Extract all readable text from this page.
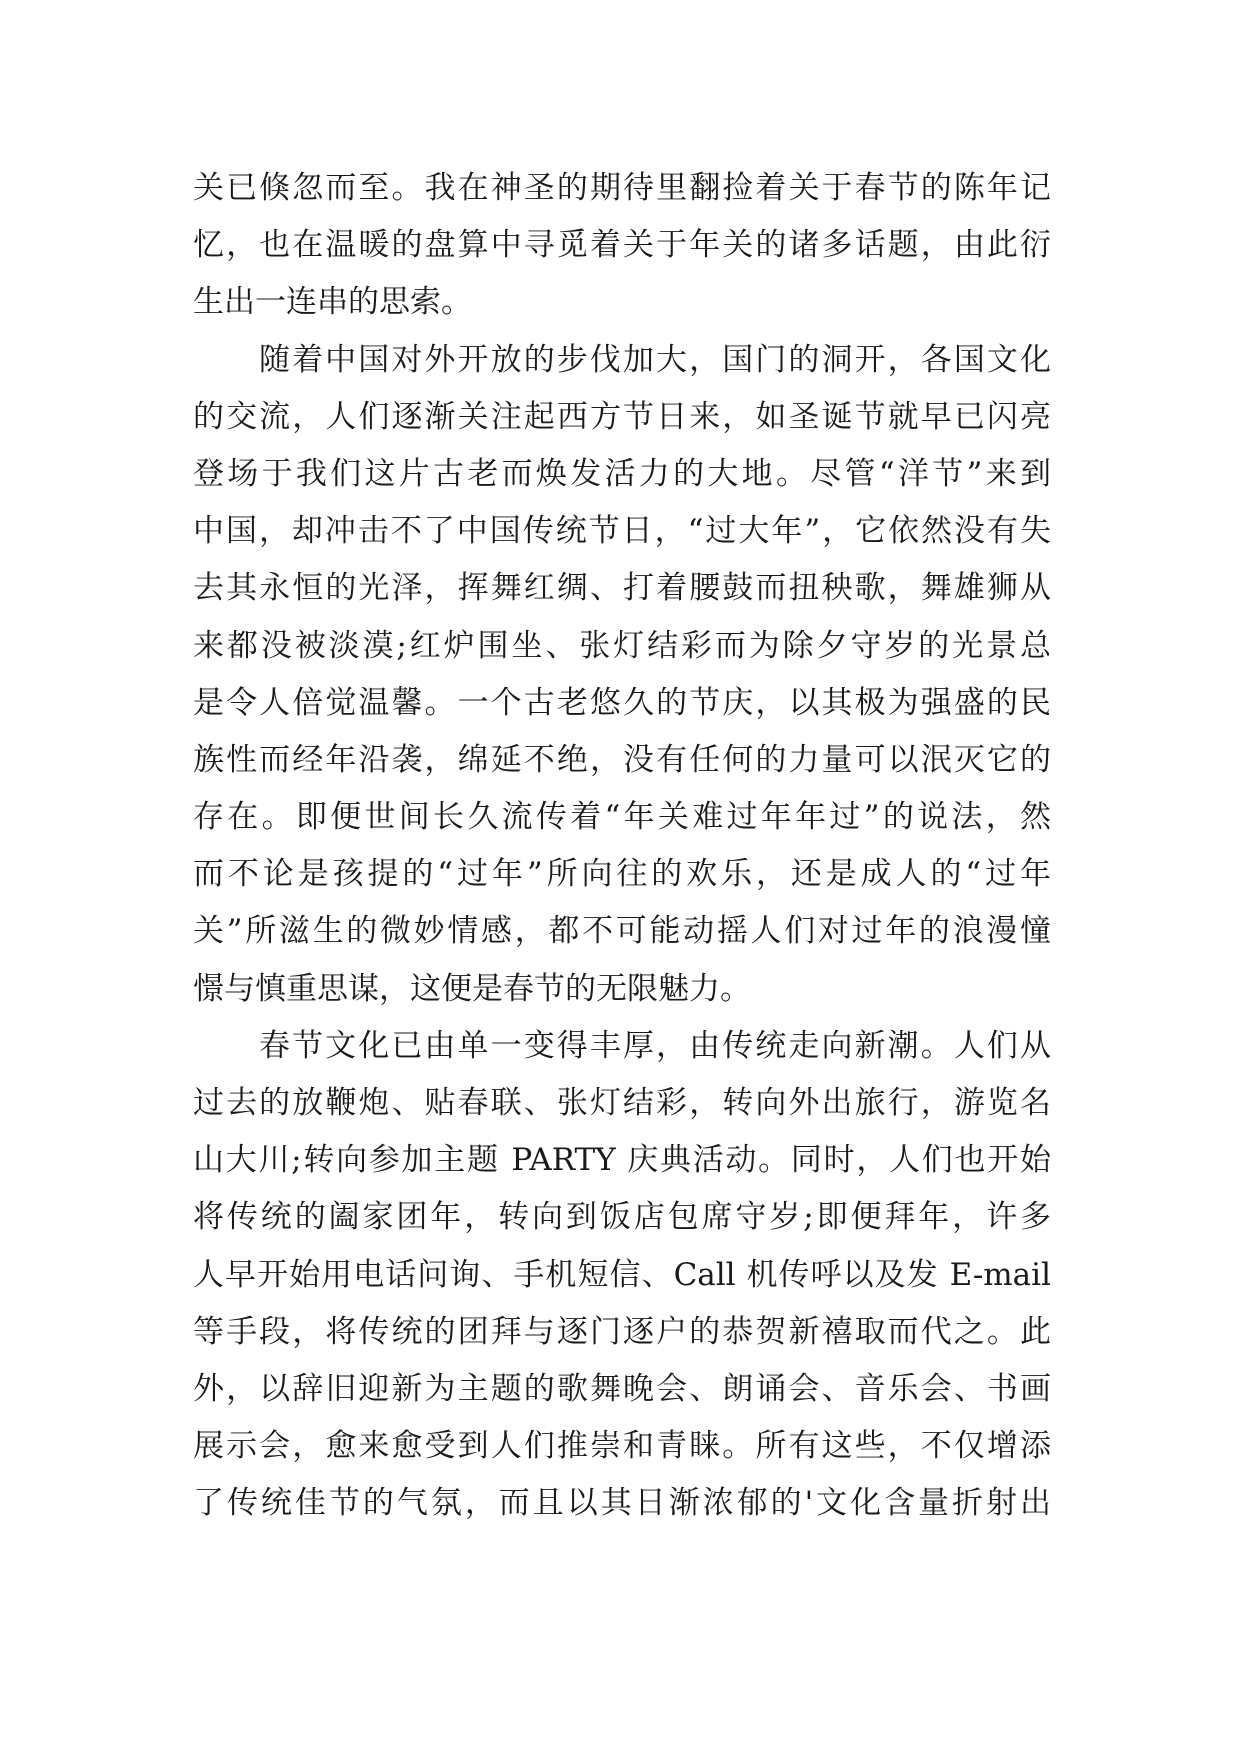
关已倏忽而至。我在神圣的期待里翻捡着关于春节的陈年记
忆，也在温暖的盘算中寻觅着关于年关的诸多话题，由此衍
生出一连串的思索。
随着中国对外开放的步伐加大，国门的洞开，各国文化
的交流，人们逐渐关注起西方节日来，如圣诞节就早已闪亮
登场于我们这片古老而焕发活力的大地。尽管“洋节”来到
中国，却冲击不了中国传统节日，“过大年”，它依然没有失
去其永恒的光泽，挥舞红绸、打着腰鼓而扭秧歌，舞雄狮从
来都没被淡漠;红炉围坐、张灯结彩而为除夕守岁的光景总
是令人倍觉温馨。一个古老悠久的节庆，以其极为强盛的民
族性而经年沿袭，绵延不绝，没有任何的力量可以泯灭它的
存在。即便世间长久流传着“年关难过年年过”的说法，然
而不论是孩提的“过年”所向往的欢乐，还是成人的“过年
关”所滋生的微妙情感，都不可能动摇人们对过年的浪漫憧
憬与慎重思谋，这便是春节的无限魅力。
春节文化已由单一变得丰厚，由传统走向新潮。人们从
过去的放鞭炮、贴春联、张灯结彩，转向外出旅行，游览名
山大川;转向参加主题 PARTY 庆典活动。同时，人们也开始
将传统的阖家团年，转向到饭店包席守岁;即便拜年，许多
人早开始用电话问询、手机短信、Call 机传呼以及发 E-mail
等手段，将传统的团拜与逐门逐户的恭贺新禧取而代之。此
外，以辞旧迎新为主题的歌舞晚会、朗诵会、音乐会、书画
展示会，愈来愈受到人们推崇和青睐。所有这些，不仅增添
了传统佳节的气氛，而且以其日渐浓郁的'文化含量折射出
